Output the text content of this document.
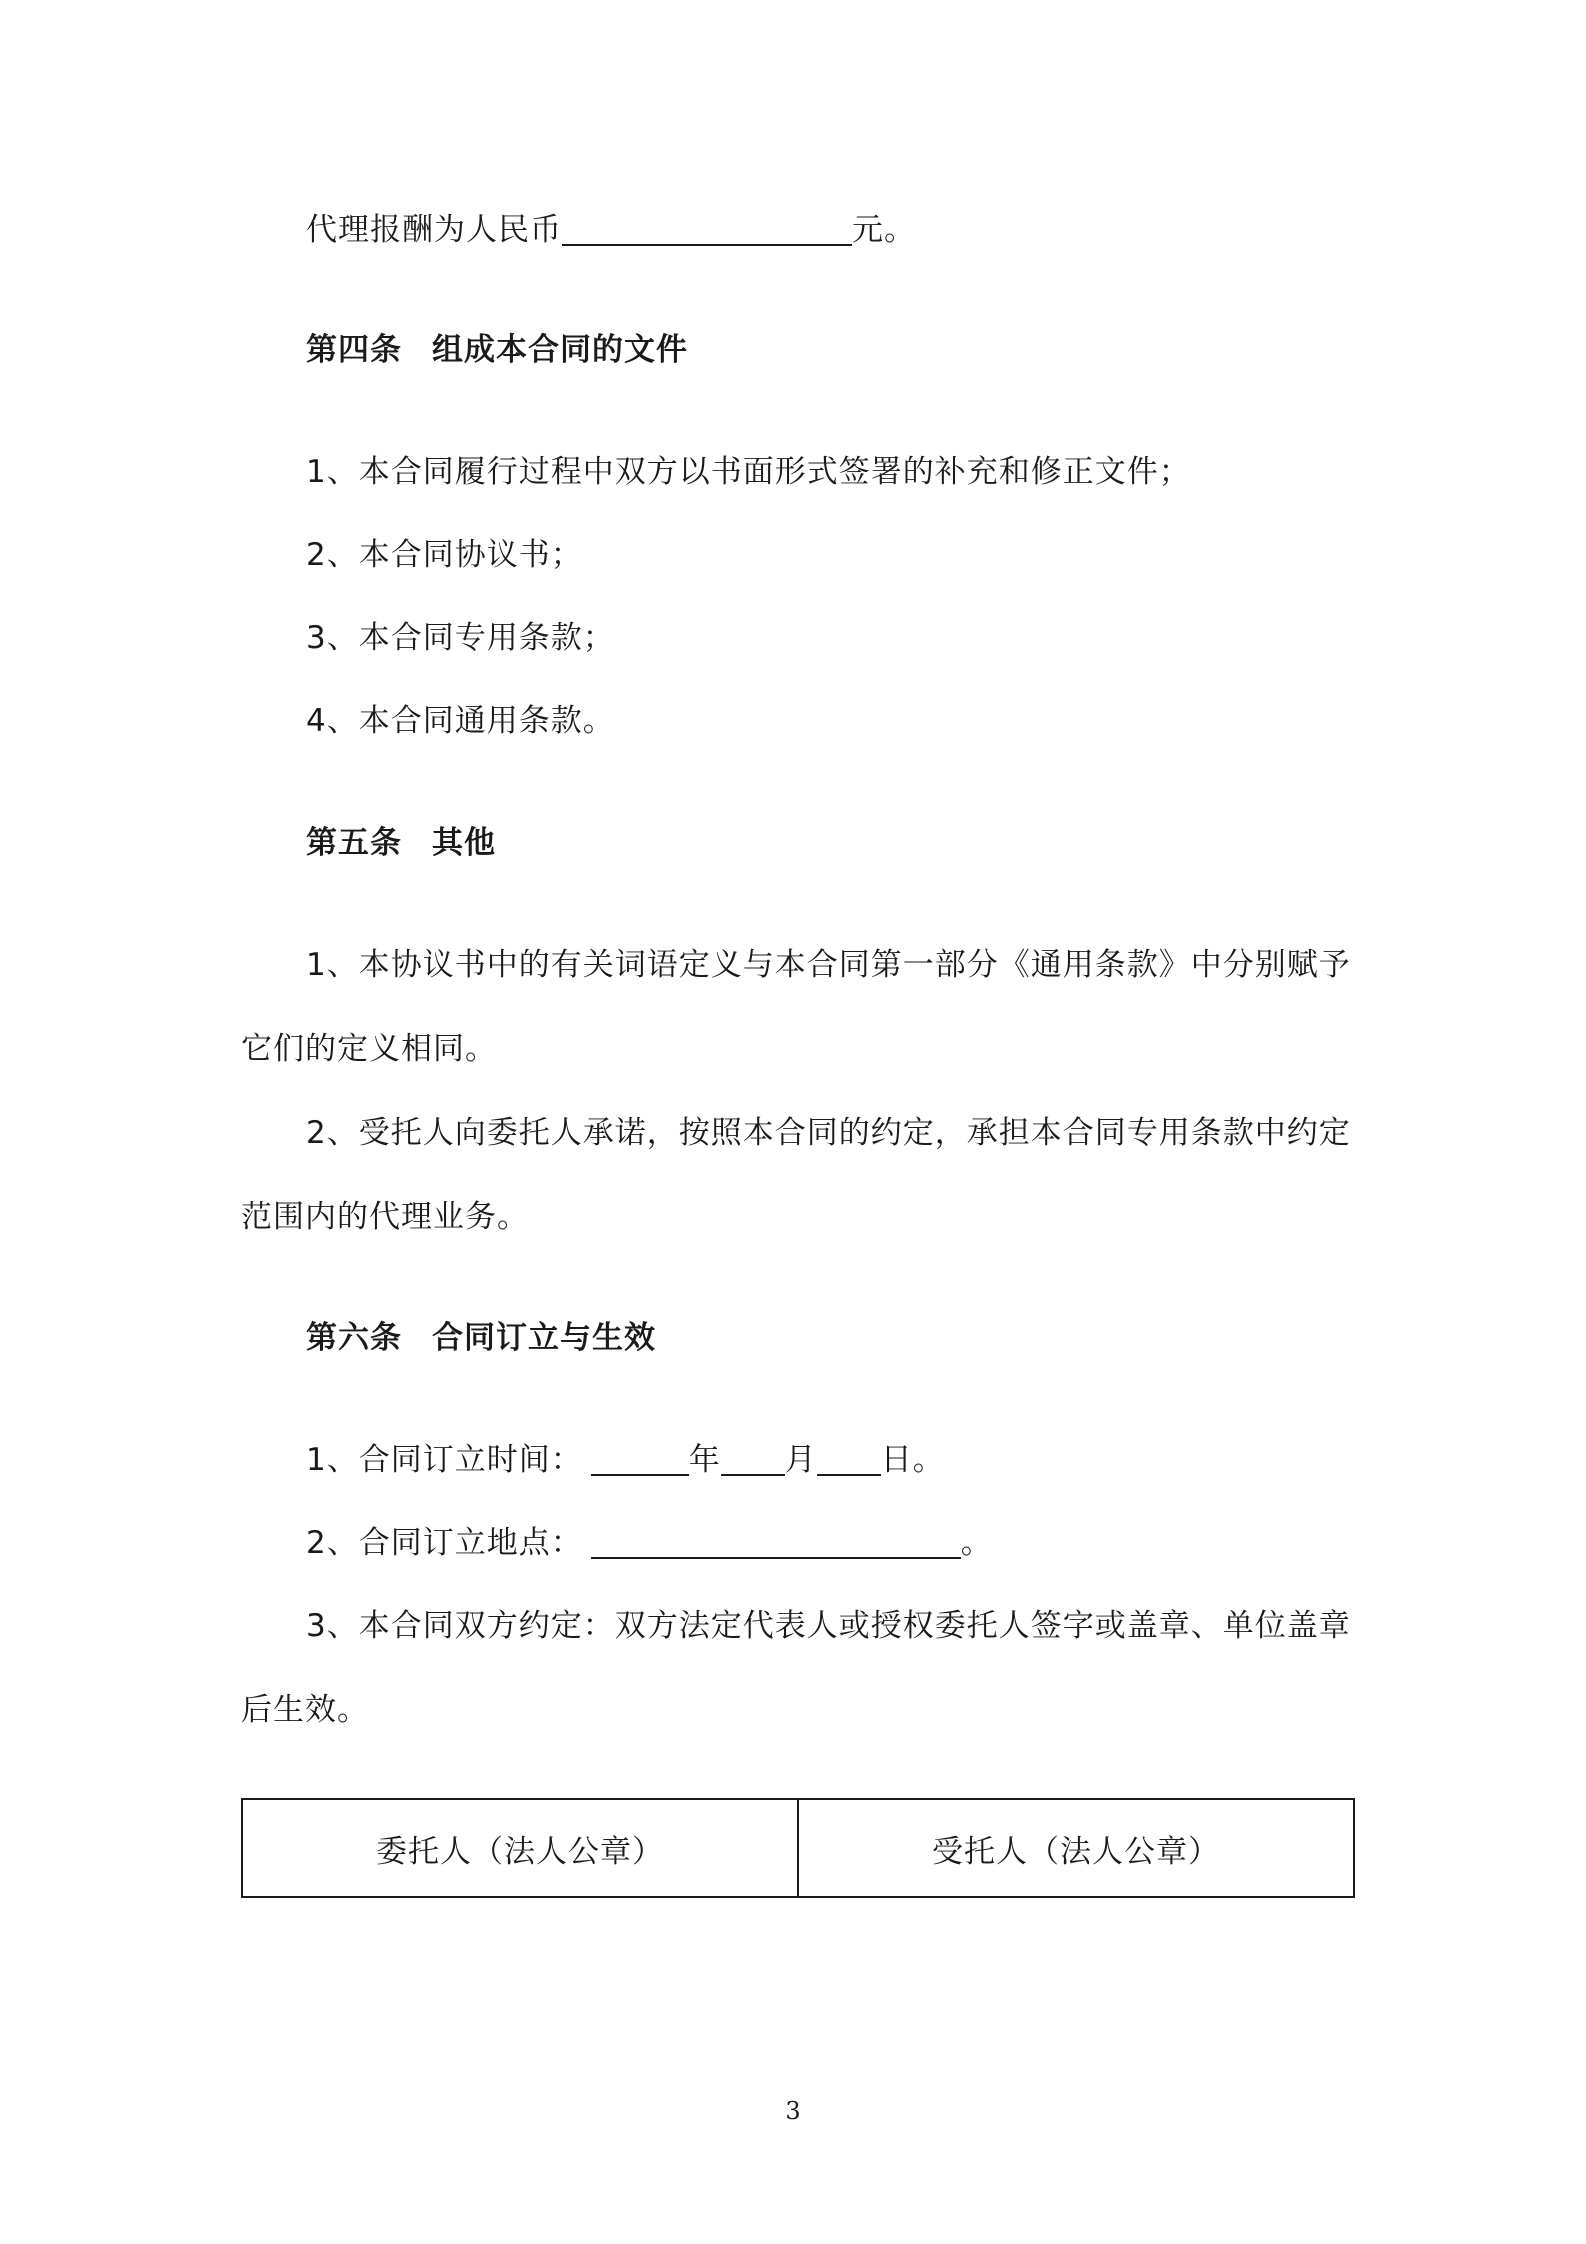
代理报酬为人民币	元。
第四条 组成本合同的文件
1、本合同履行过程中双方以书面形式签署的补充和修正文件；
2、本合同协议书；
3、本合同专用条款；
4、本合同通用条款。
第五条 其他
1、本协议书中的有关词语定义与本合同第一部分《通用条款》中分别赋予
它们的定义相同。
2、受托人向委托人承诺，按照本合同的约定，承担本合同专用条款中约定
范围内的代理业务。
第六条 合同订立与生效
1、合同订立时间：	年 月 日。
2、合同订立地点：	。
3、本合同双方约定：双方法定代表人或授权委托人签字或盖章、单位盖章
后生效。
委托人（法人公章）	受托人（法人公章）
3
